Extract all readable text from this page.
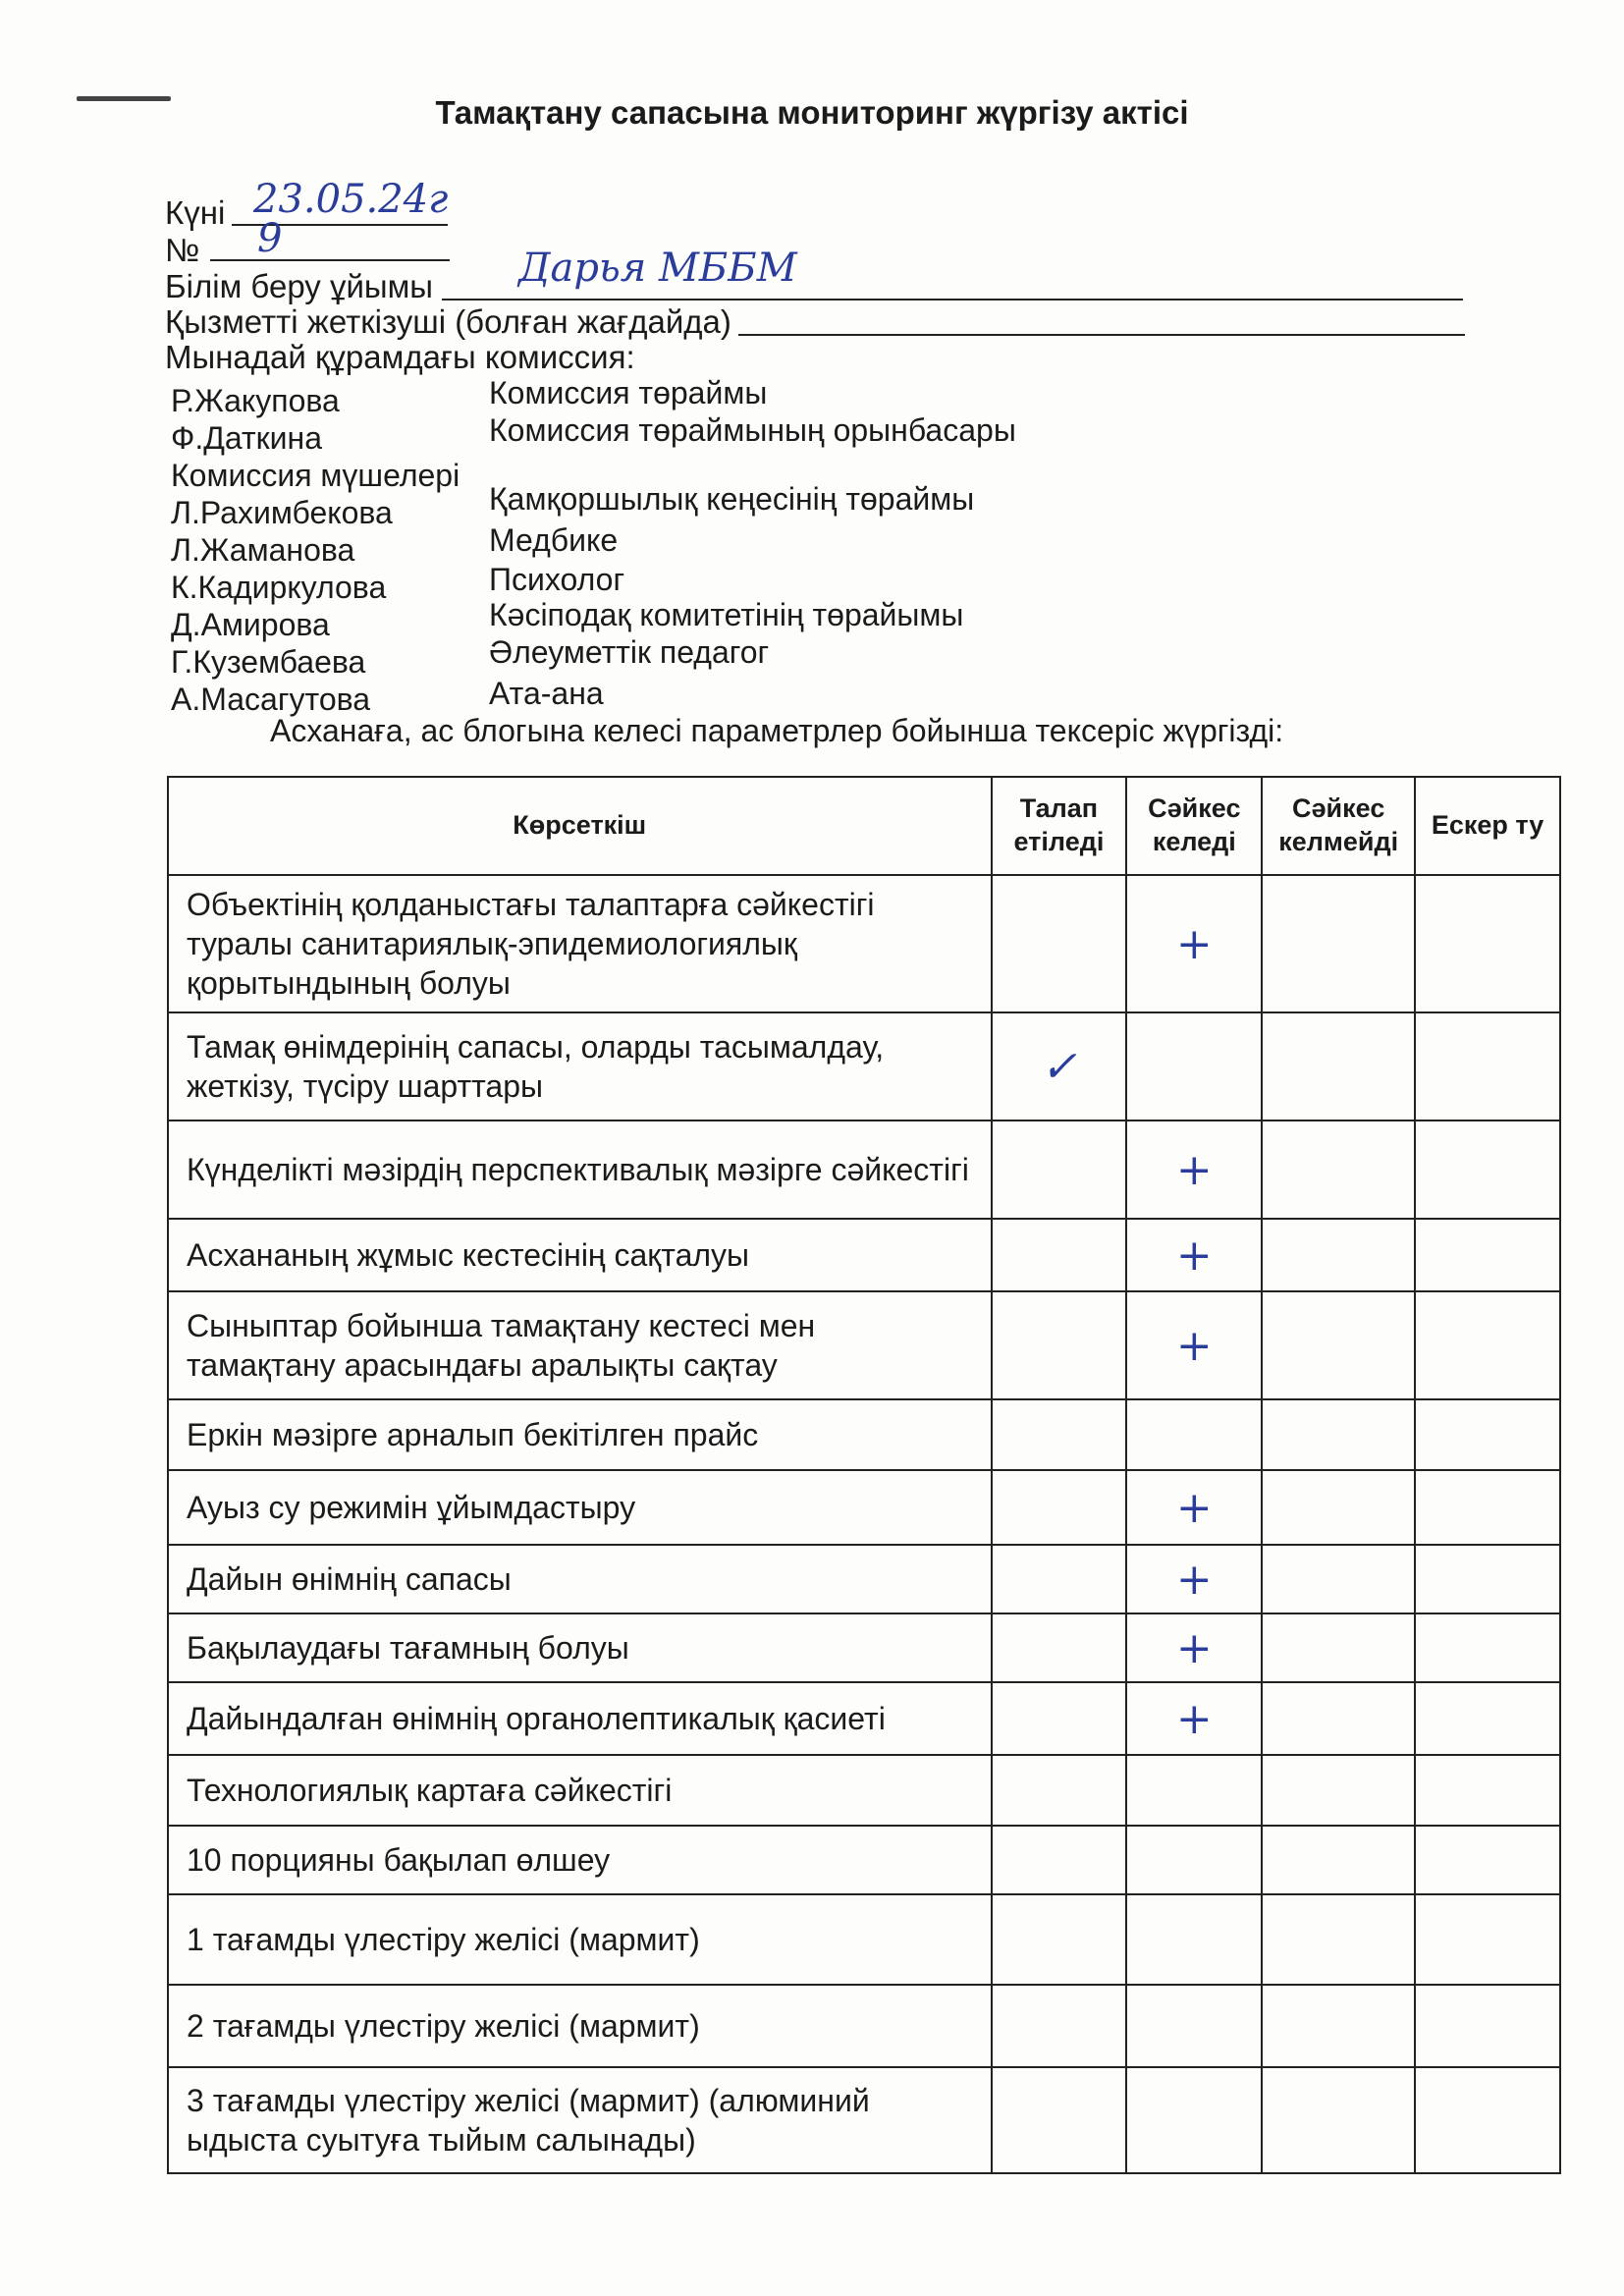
Тамақтану сапасына мониторинг жүргізу актісі
Күні 23.05.24г
№ 9
Білім беру ұйымы Дарья МББМ
Қызметті жеткізуші (болған жағдайда)
Мынадай құрамдағы комиссия:
Р.Жакупова	Комиссия төраймы
Ф.Даткина	Комиссия төраймының орынбасары
Комиссия мүшелері
Л.Рахимбекова	Қамқоршылық кеңесінің төраймы
Л.Жаманова	Медбике
К.Кадиркулова	Психолог
Д.Амирова	Кәсіподақ комитетінің төрайымы
Г.Кузембаева	Әлеуметтік педагог
А.Масагутова	Ата-ана
Асханаға, ас блогына келесі параметрлер бойынша тексеріс жүргізді:
Көрсеткіш	Талап етіледі	Сәйкес келеді	Сәйкес келмейді	Ескер ту
Объектінің қолданыстағы талаптарға сәйкестігі туралы санитариялық-эпидемиологиялық қорытындының болуы		+		
Тамақ өнімдерінің сапасы, оларды тасымалдау, жеткізу, түсіру шарттары	✓			
Күнделікті мәзірдің перспективалық мәзірге сәйкестігі		+		
Асхананың жұмыс кестесінің сақталуы		+		
Сыныптар бойынша тамақтану кестесі мен тамақтану арасындағы аралықты сақтау		+		
Еркін мәзірге арналып бекітілген прайс				
Ауыз су режимін ұйымдастыру		+		
Дайын өнімнің сапасы		+		
Бақылаудағы тағамның болуы		+		
Дайындалған өнімнің органолептикалық қасиеті		+		
Технологиялық картаға сәйкестігі				
10 порцияны бақылап өлшеу				
1 тағамды үлестіру желісі (мармит)				
2 тағамды үлестіру желісі (мармит)				
3 тағамды үлестіру желісі (мармит) (алюминий ыдыста суытуға тыйым салынады)				
